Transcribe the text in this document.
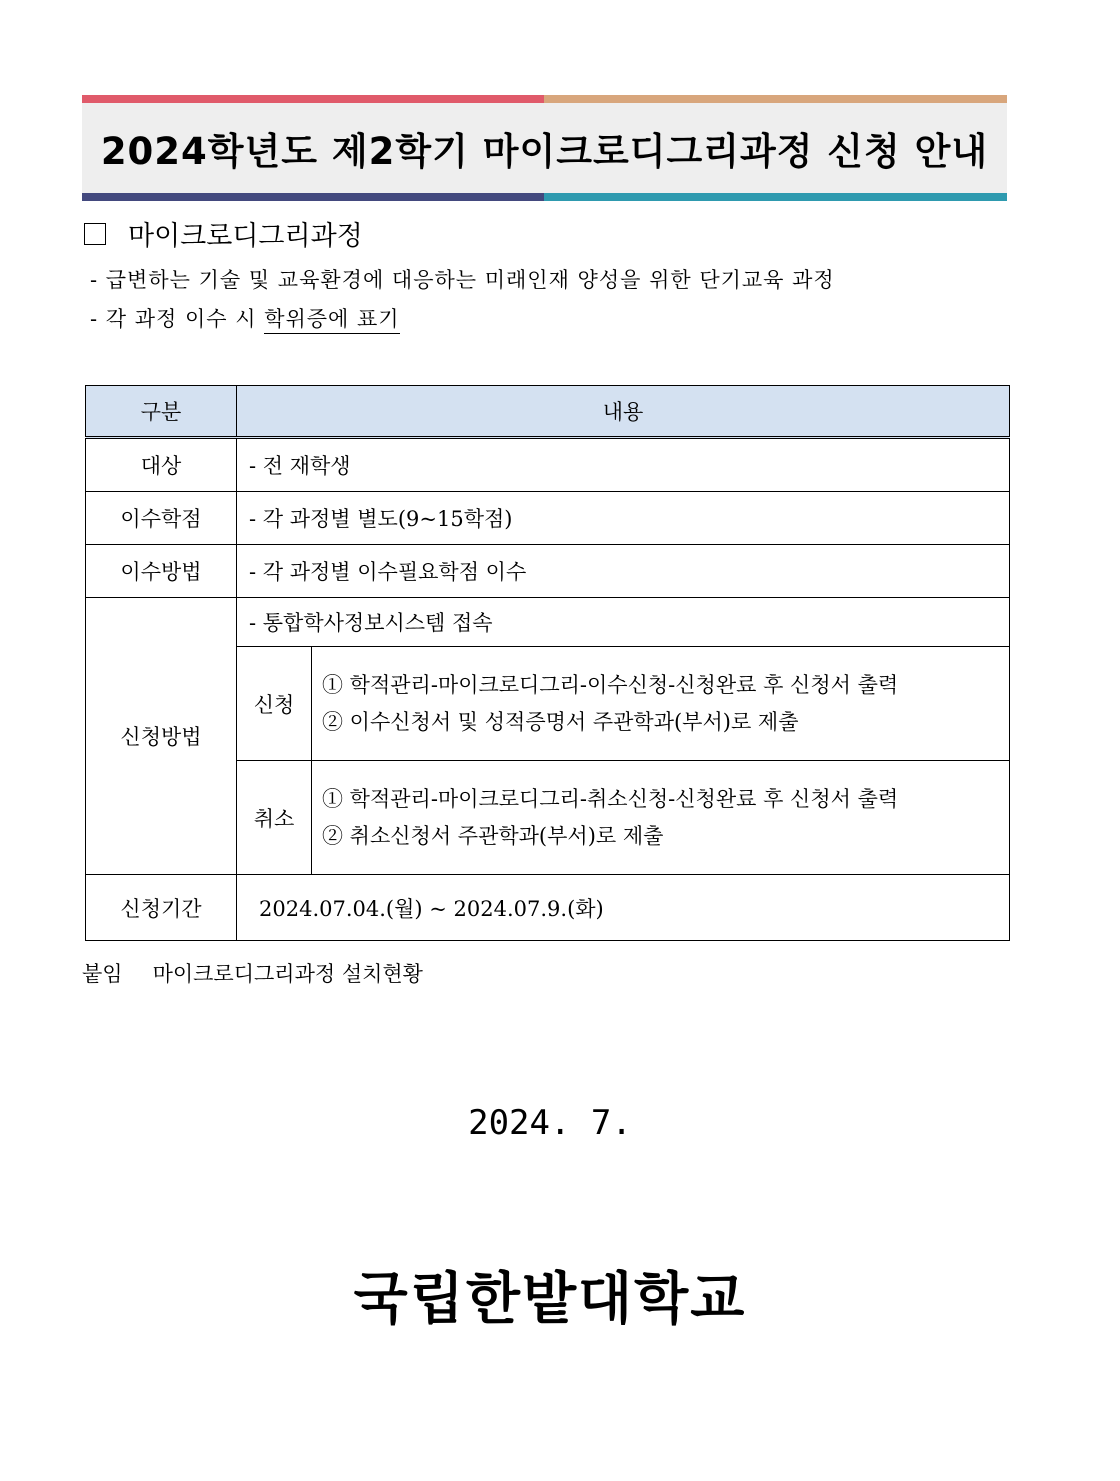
2024학년도 제2학기 마이크로디그리과정 신청 안내
마이크로디그리과정
- 급변하는 기술 및 교육환경에 대응하는 미래인재 양성을 위한 단기교육 과정
- 각 과정 이수 시 학위증에 표기
구분	내용	
대상	- 전 재학생	
이수학점	- 각 과정별 별도(9~15학점)	
이수방법	- 각 과정별 이수필요학점 이수	
신청방법	- 통합학사정보시스템 접속	
	신청	① 학적관리-마이크로디그리-이수신청-신청완료 후 신청서 출력
② 이수신청서 및 성적증명서 주관학과(부서)로 제출

	취소	① 학적관리-마이크로디그리-취소신청-신청완료 후 신청서 출력
② 취소신청서 주관학과(부서)로 제출

신청기간	2024.07.04.(월) ~ 2024.07.9.(화)	
붙임 마이크로디그리과정 설치현황
2024. 7.
국립한밭대학교
